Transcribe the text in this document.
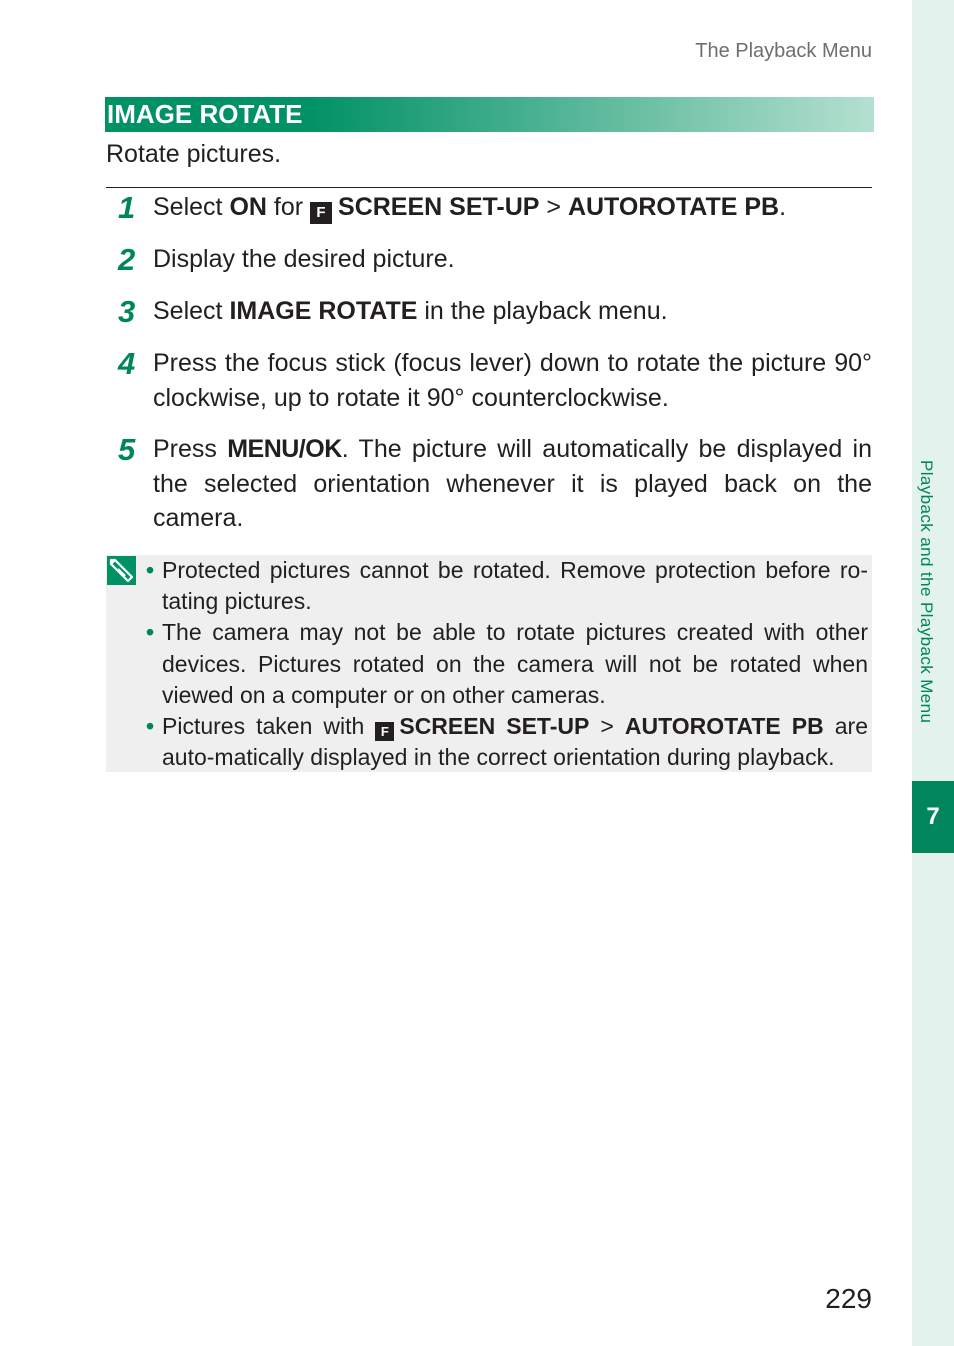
The Playback Menu
Playback and the Playback Menu
7
IMAGE ROTATE
Rotate pictures.
1 Select ON for F SCREEN SET-UP > AUTOROTATE PB.
2 Display the desired picture.
3 Select IMAGE ROTATE in the playback menu.
4 Press the focus stick (focus lever) down to rotate the picture 90° clockwise, up to rotate it 90° counterclockwise.
5 Press MENU/OK. The picture will automatically be displayed in the selected orientation whenever it is played back on the camera.
• Protected pictures cannot be rotated. Remove protection before ro-tating pictures.
• The camera may not be able to rotate pictures created with other devices. Pictures rotated on the camera will not be rotated when viewed on a computer or on other cameras.
• Pictures taken with F SCREEN SET-UP > AUTOROTATE PB are auto-matically displayed in the correct orientation during playback.
229
